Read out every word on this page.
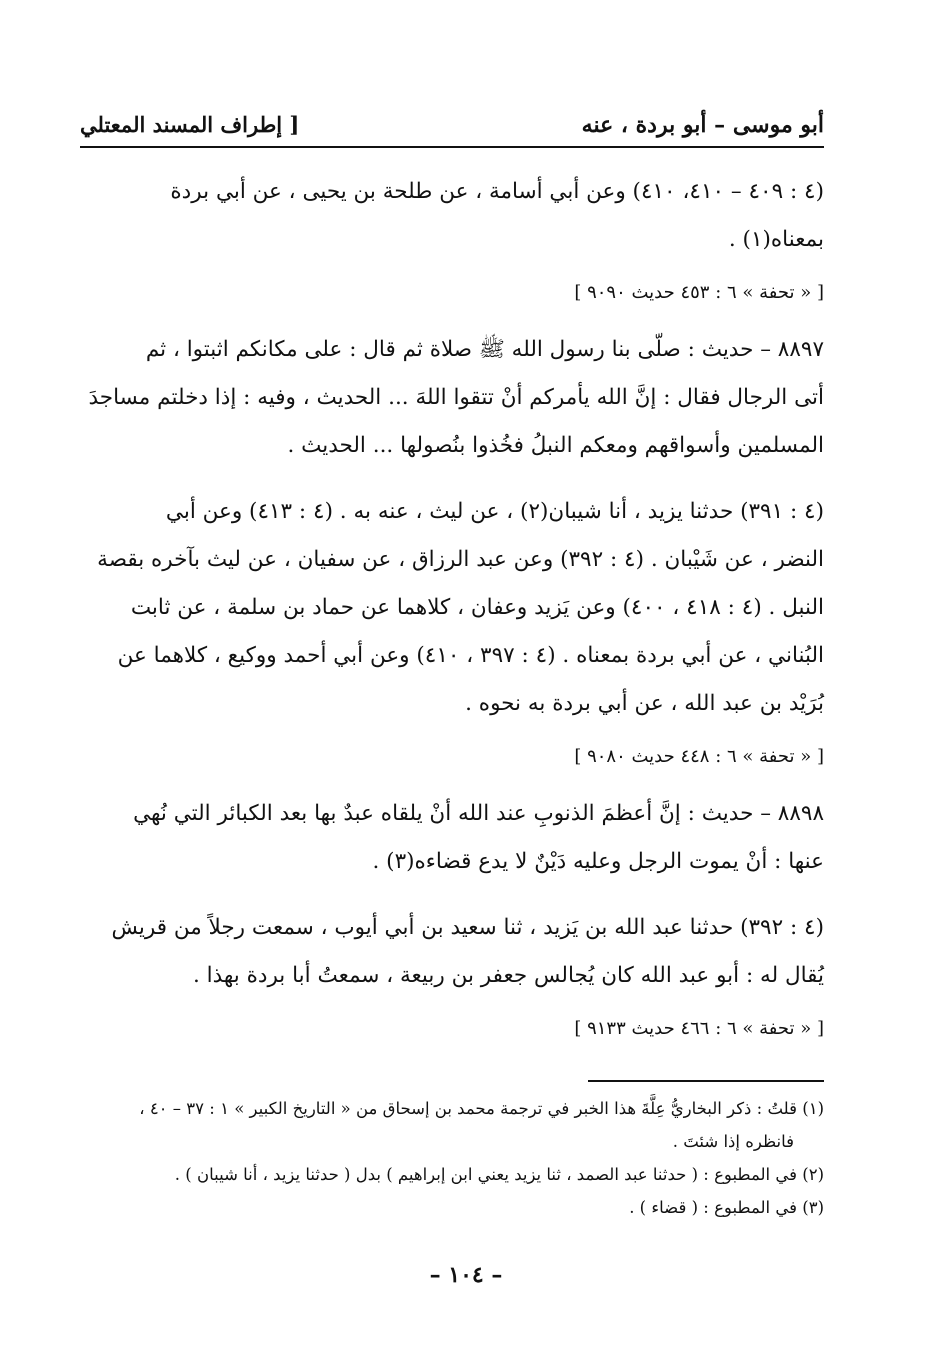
أبو موسى – أبو بردة ، عنه
[ إطراف المسند المعتلي

(٤ : ٤٠٩ – ٤١٠، ٤١٠) وعن أبي أسامة ، عن طلحة بن يحيى ، عن أبي بردة

بمعناه(١) .

[ « تحفة » ٦ : ٤٥٣ حديث ٩٠٩٠ ]

٨٨٩٧ – حديث : صلّى بنا رسول الله ﷺ صلاة ثم قال : على مكانكم اثبتوا ، ثم

أتى الرجال فقال : إنَّ الله يأمركم أنْ تتقوا اللهَ ... الحديث ، وفيه : إذا دخلتم مساجدَ

المسلمين وأسواقهم ومعكم النبلُ فخُذوا بنُصولها ... الحديث .

(٤ : ٣٩١) حدثنا يزيد ، أنا شيبان(٢) ، عن ليث ، عنه به . (٤ : ٤١٣) وعن أبي

النضر ، عن شَيْبان . (٤ : ٣٩٢) وعن عبد الرزاق ، عن سفيان ، عن ليث بآخره بقصة

النبل . (٤ : ٤١٨ ، ٤٠٠) وعن يَزيد وعفان ، كلاهما عن حماد بن سلمة ، عن ثابت

البُناني ، عن أبي بردة بمعناه . (٤ : ٣٩٧ ، ٤١٠) وعن أبي أحمد ووكيع ، كلاهما عن

بُرَيْد بن عبد الله ، عن أبي بردة به نحوه .

[ « تحفة » ٦ : ٤٤٨ حديث ٩٠٨٠ ]

٨٨٩٨ – حديث : إنَّ أعظمَ الذنوبِ عند الله أنْ يلقاه عبدٌ بها بعد الكبائر التي نُهي

عنها : أنْ يموت الرجل وعليه دَيْنٌ لا يدع قضاءه(٣) .

(٤ : ٣٩٢) حدثنا عبد الله بن يَزيد ، ثنا سعيد بن أبي أيوب ، سمعت رجلاً من قريش

يُقال له : أبو عبد الله كان يُجالس جعفر بن ربيعة ، سمعتُ أبا بردة بهذا .

[ « تحفة » ٦ : ٤٦٦ حديث ٩١٣٣ ]

(١) قلتُ : ذكر البخاريُّ عِلَّةَ هذا الخبر في ترجمة محمد بن إسحاق من « التاريخ الكبير » ١ : ٣٧ – ٤٠ ،

فانظره إذا شئتَ .

(٢) في المطبوع : ( حدثنا عبد الصمد ، ثنا يزيد يعني ابن إبراهيم ) بدل ( حدثنا يزيد ، أنا شيبان ) .

(٣) في المطبوع : ( قضاء ) .

– ١٠٤ –
